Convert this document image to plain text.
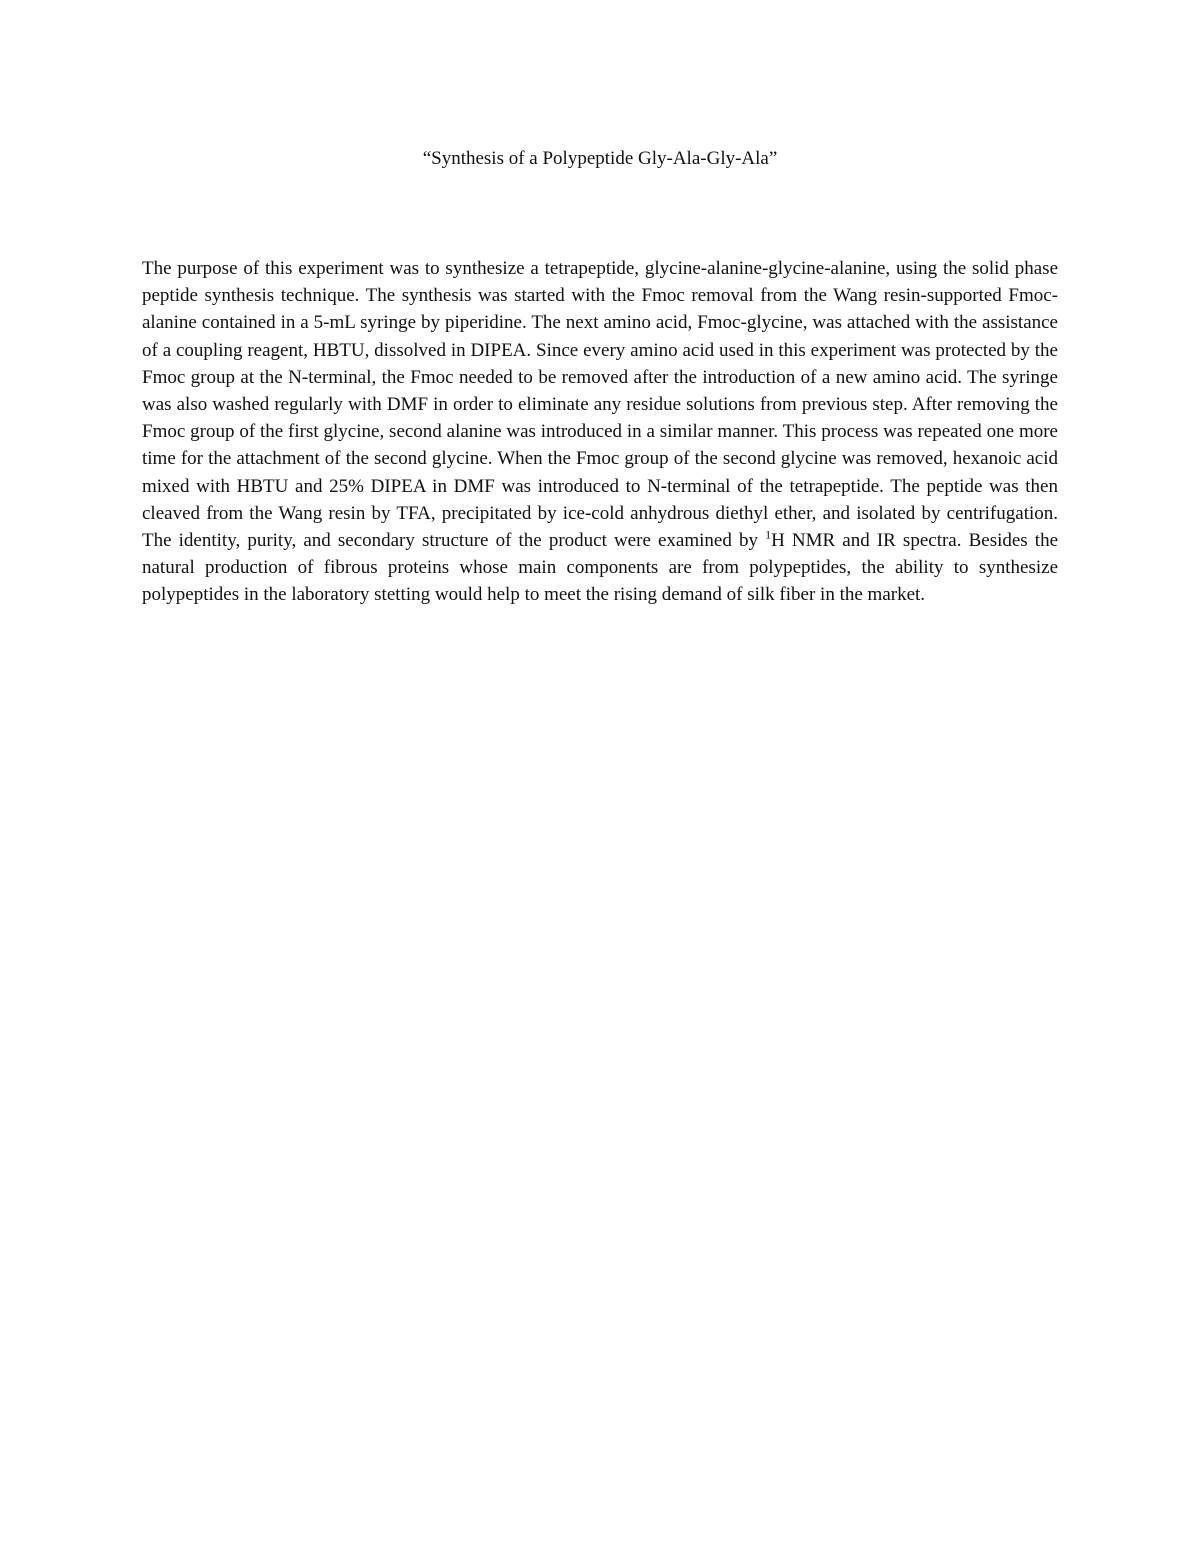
“Synthesis of a Polypeptide Gly-Ala-Gly-Ala”

The purpose of this experiment was to synthesize a tetrapeptide, glycine-alanine-glycine-alanine, using the solid phase peptide synthesis technique. The synthesis was started with the Fmoc removal from the Wang resin-supported Fmoc-alanine contained in a 5-mL syringe by piperidine. The next amino acid, Fmoc-glycine, was attached with the assistance of a coupling reagent, HBTU, dissolved in DIPEA. Since every amino acid used in this experiment was protected by the Fmoc group at the N-terminal, the Fmoc needed to be removed after the introduction of a new amino acid. The syringe was also washed regularly with DMF in order to eliminate any residue solutions from previous step. After removing the Fmoc group of the first glycine, second alanine was introduced in a similar manner. This process was repeated one more time for the attachment of the second glycine. When the Fmoc group of the second glycine was removed, hexanoic acid mixed with HBTU and 25% DIPEA in DMF was introduced to N-terminal of the tetrapeptide. The peptide was then cleaved from the Wang resin by TFA, precipitated by ice-cold anhydrous diethyl ether, and isolated by centrifugation. The identity, purity, and secondary structure of the product were examined by $^1$H NMR and IR spectra. Besides the natural production of fibrous proteins whose main components are from polypeptides, the ability to synthesize polypeptides in the laboratory stetting would help to meet the rising demand of silk fiber in the market.
